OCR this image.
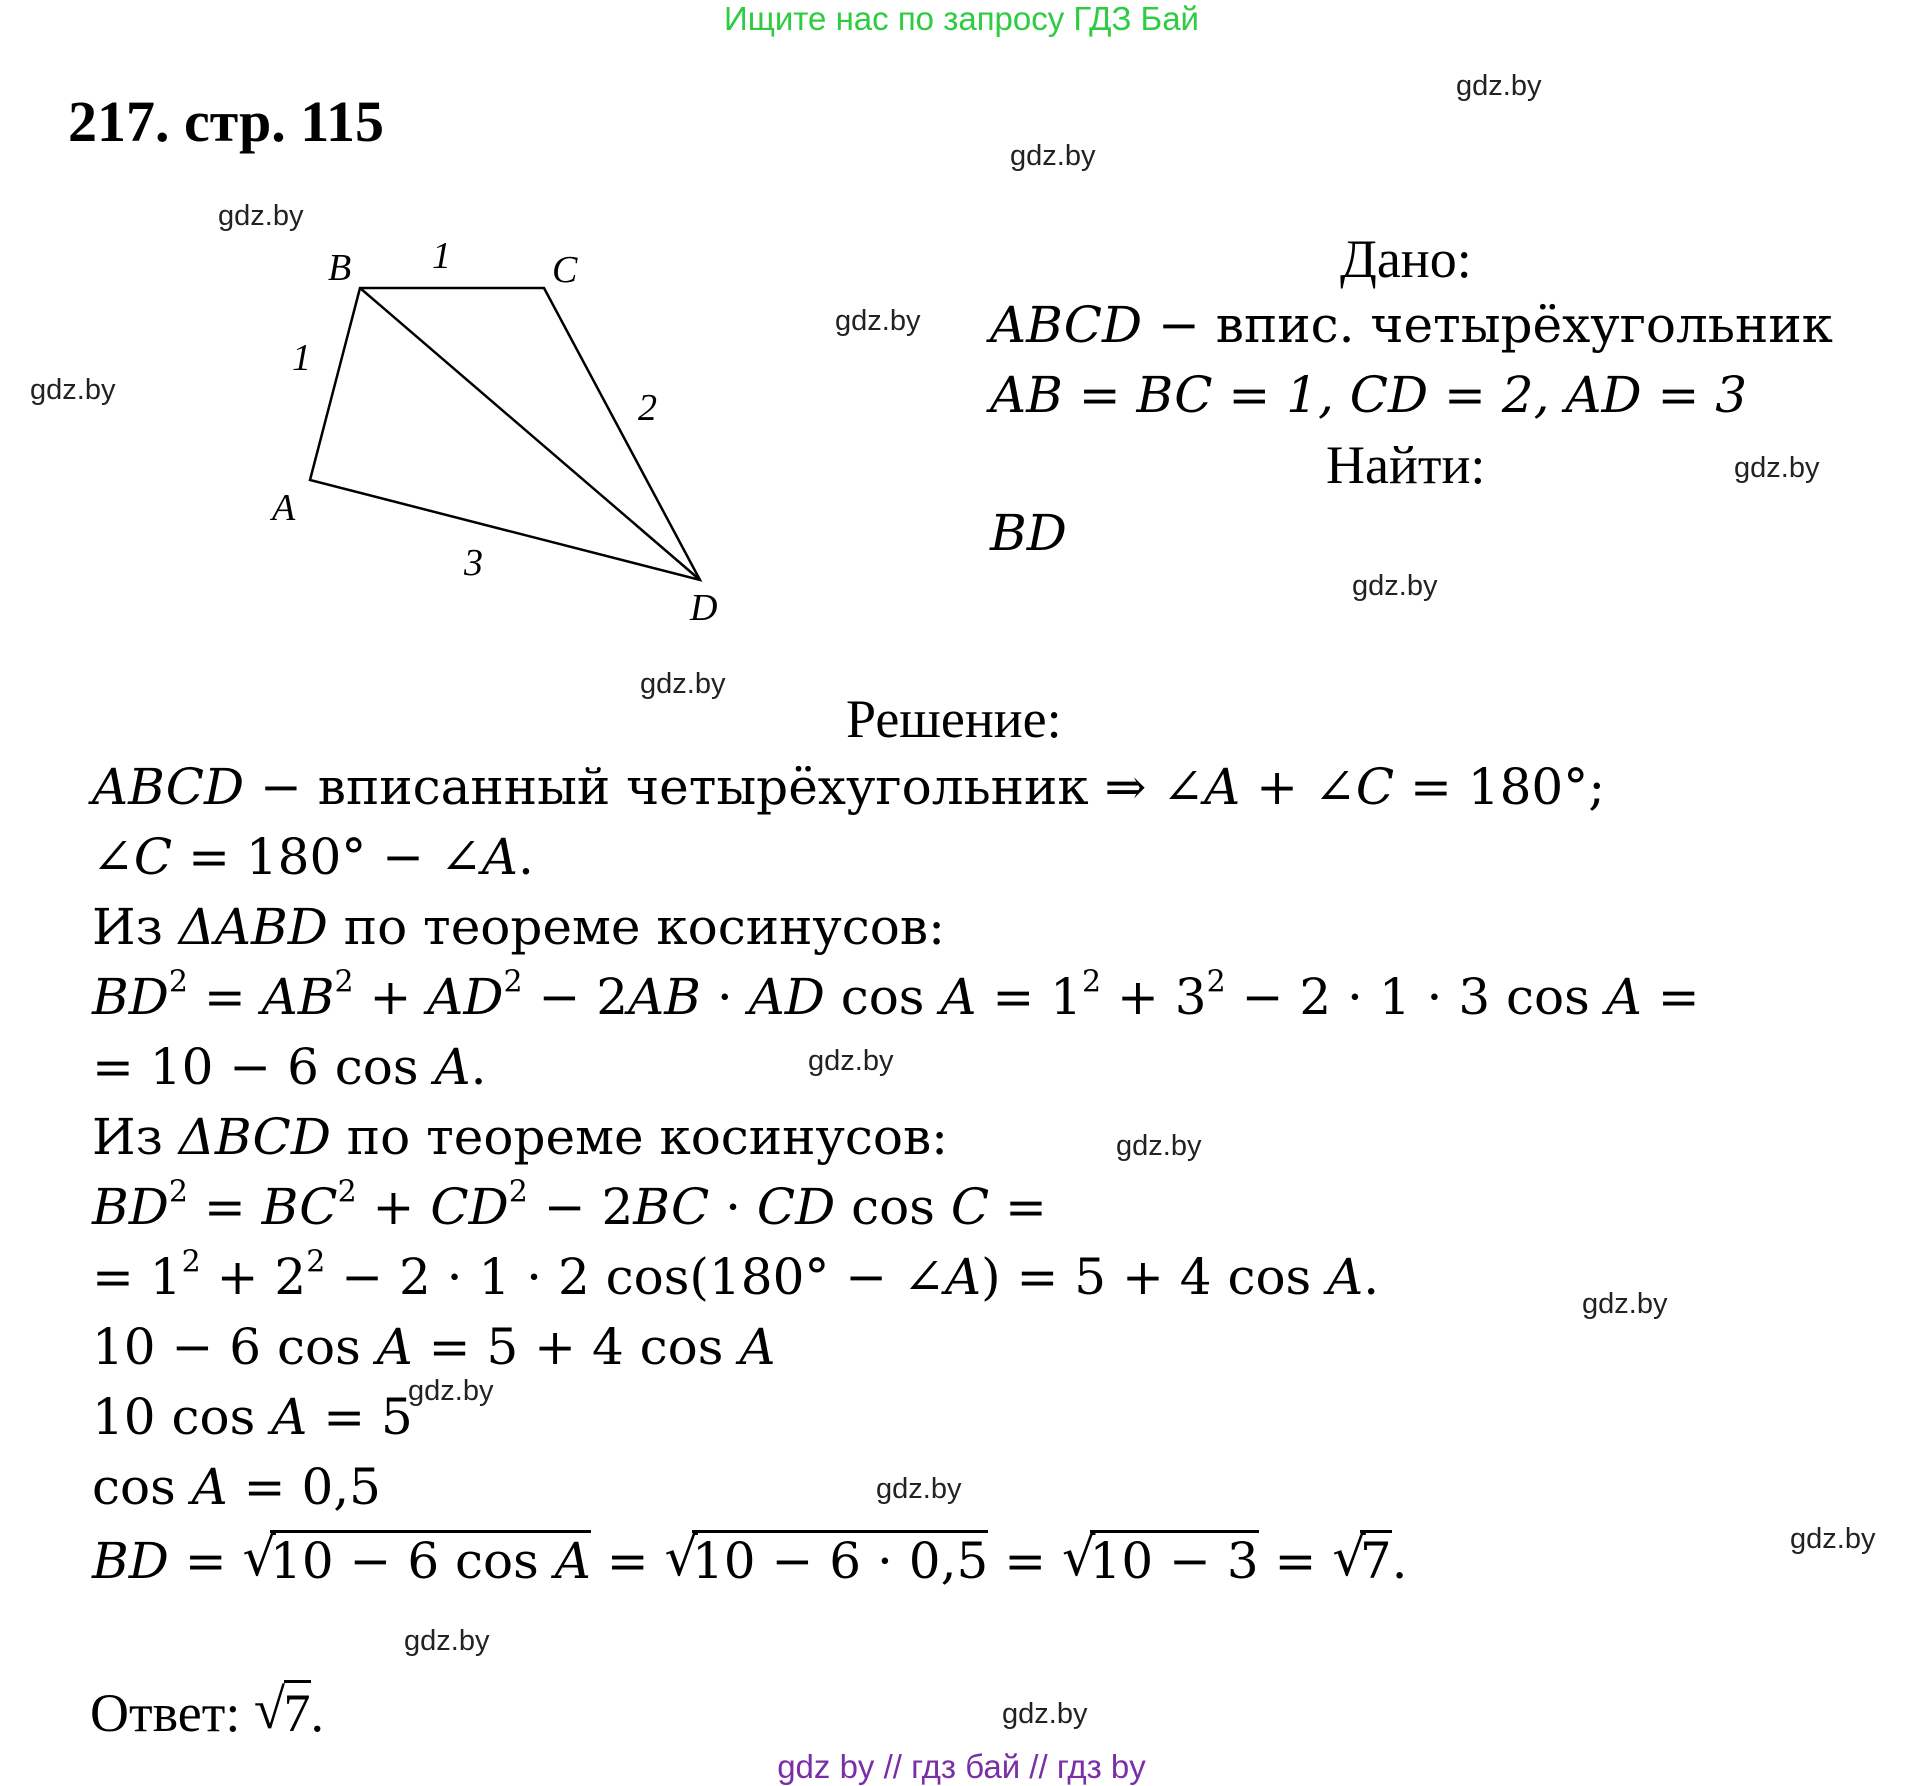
Ищите нас по запросу ГДЗ Бай
217. стр. 115
gdz.by
gdz.by
gdz.by
gdz.by
gdz.by
gdz.by
gdz.by
gdz.by
gdz.by
gdz.by
gdz.by
gdz.by
gdz.by
gdz.by
gdz.by
gdz.by
B	C
A
D
1
1
2
3
Дано:
ABCD − впис. четырёхугольник
AB = BC = 1, CD = 2, AD = 3
Найти:
BD
Решение:
ABCD − вписанный четырёхугольник ⇒ ∠A + ∠C = 180°;
∠C = 180° − ∠A.
Из ΔABD по теореме косинусов:
$BD^2 = AB^2 + AD^2 - 2AB$ · AD $\cos A = 1^2 + 3^2 - 2 \cdot 1 \cdot 3$ cos A =
= 10 − 6 cos A.
Из ΔBCD по теореме косинусов:
$BD^2 = BC^2 + CD^2 - 2BC$ · CD cos C =
= $1^2 + 2^2 - 2 \cdot 1 \cdot 2$ cos(180° − ∠A) = 5 + 4 cos A.
10 − 6 cos A = 5 + 4 cos A
10 cos A = 5
cos A = 0,5
BD = √ 10 − 6 cos A = √ 10 − 6 · 0,5 = √ 10 − 3 = √ 7.
Ответ: √ 7.
gdz by // гдз бай // гдз by
